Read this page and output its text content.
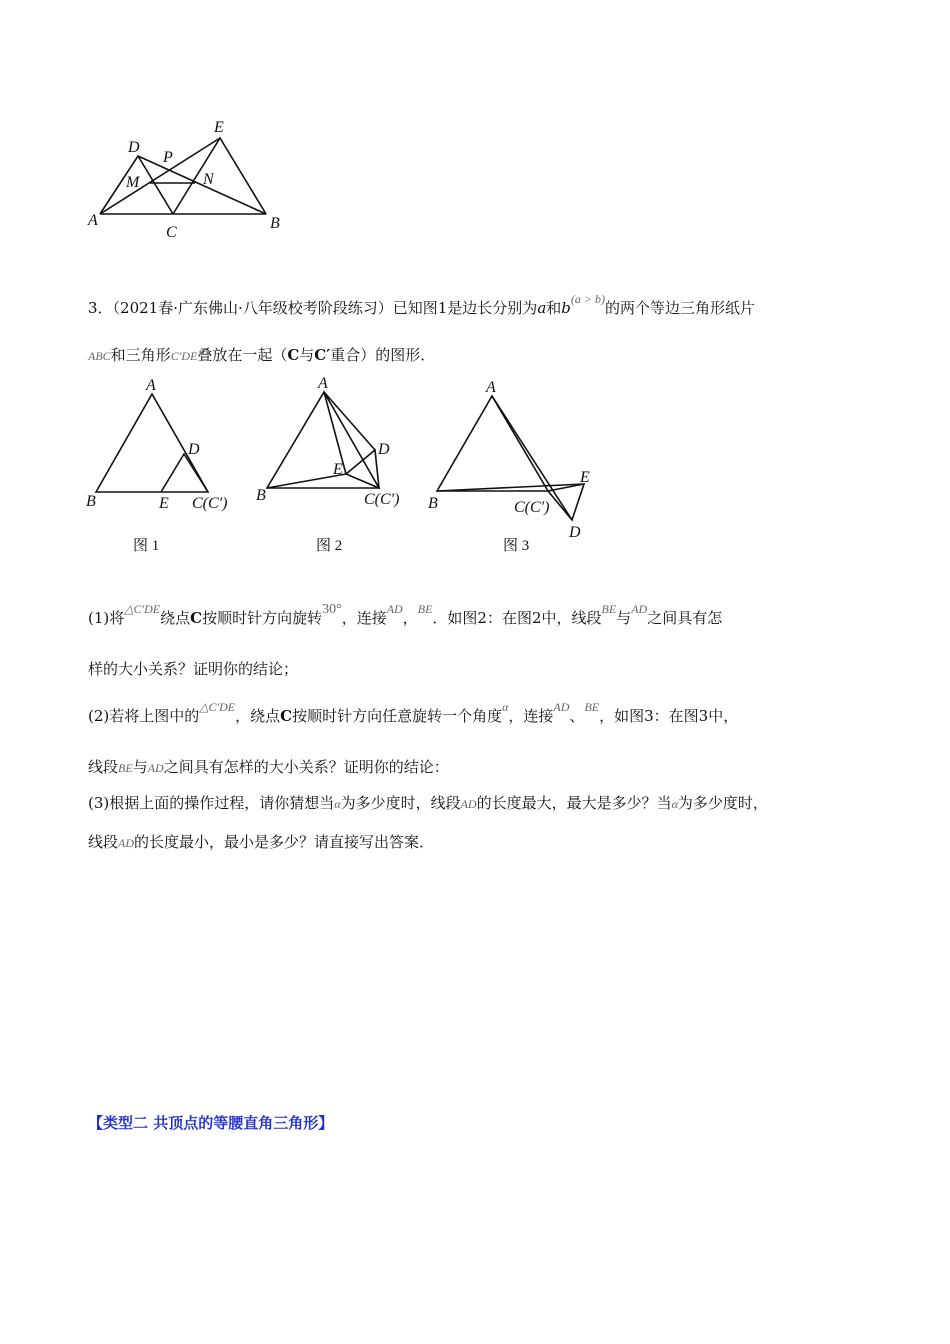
D
E
P
M	N
A
C
B
3．（2021春·广东佛山·八年级校考阶段练习）已知图1是边长分别为a和$b^{(a > b)}$的两个等边三角形纸片
ABC和三角形C′DE叠放在一起（C与C′重合）的图形．
A
D
B	E C(C′)
A
D
E
B	C(C′)
A
E
B	C(C′)
D
图 1	图 2	图 3
(1)将$^{\triangle C'DE}$绕点C按顺时针方向旋转30°，连接$^{AD}$，$^{BE}$．如图2：在图2中，线段$^{BE}$与$^{AD}$之间具有怎
样的大小关系？证明你的结论；
(2)若将上图中的$^{\triangle C'DE}$，绕点C按顺时针方向任意旋转一个角度$^\alpha$，连接$^{AD}$、$^{BE}$，如图3：在图3中，
线段BE与AD之间具有怎样的大小关系？证明你的结论：
(3)根据上面的操作过程，请你猜想当α为多少度时，线段AD的长度最大，最大是多少？当α为多少度时，
线段AD的长度最小，最小是多少？请直接写出答案．
【类型二 共顶点的等腰直角三角形】
